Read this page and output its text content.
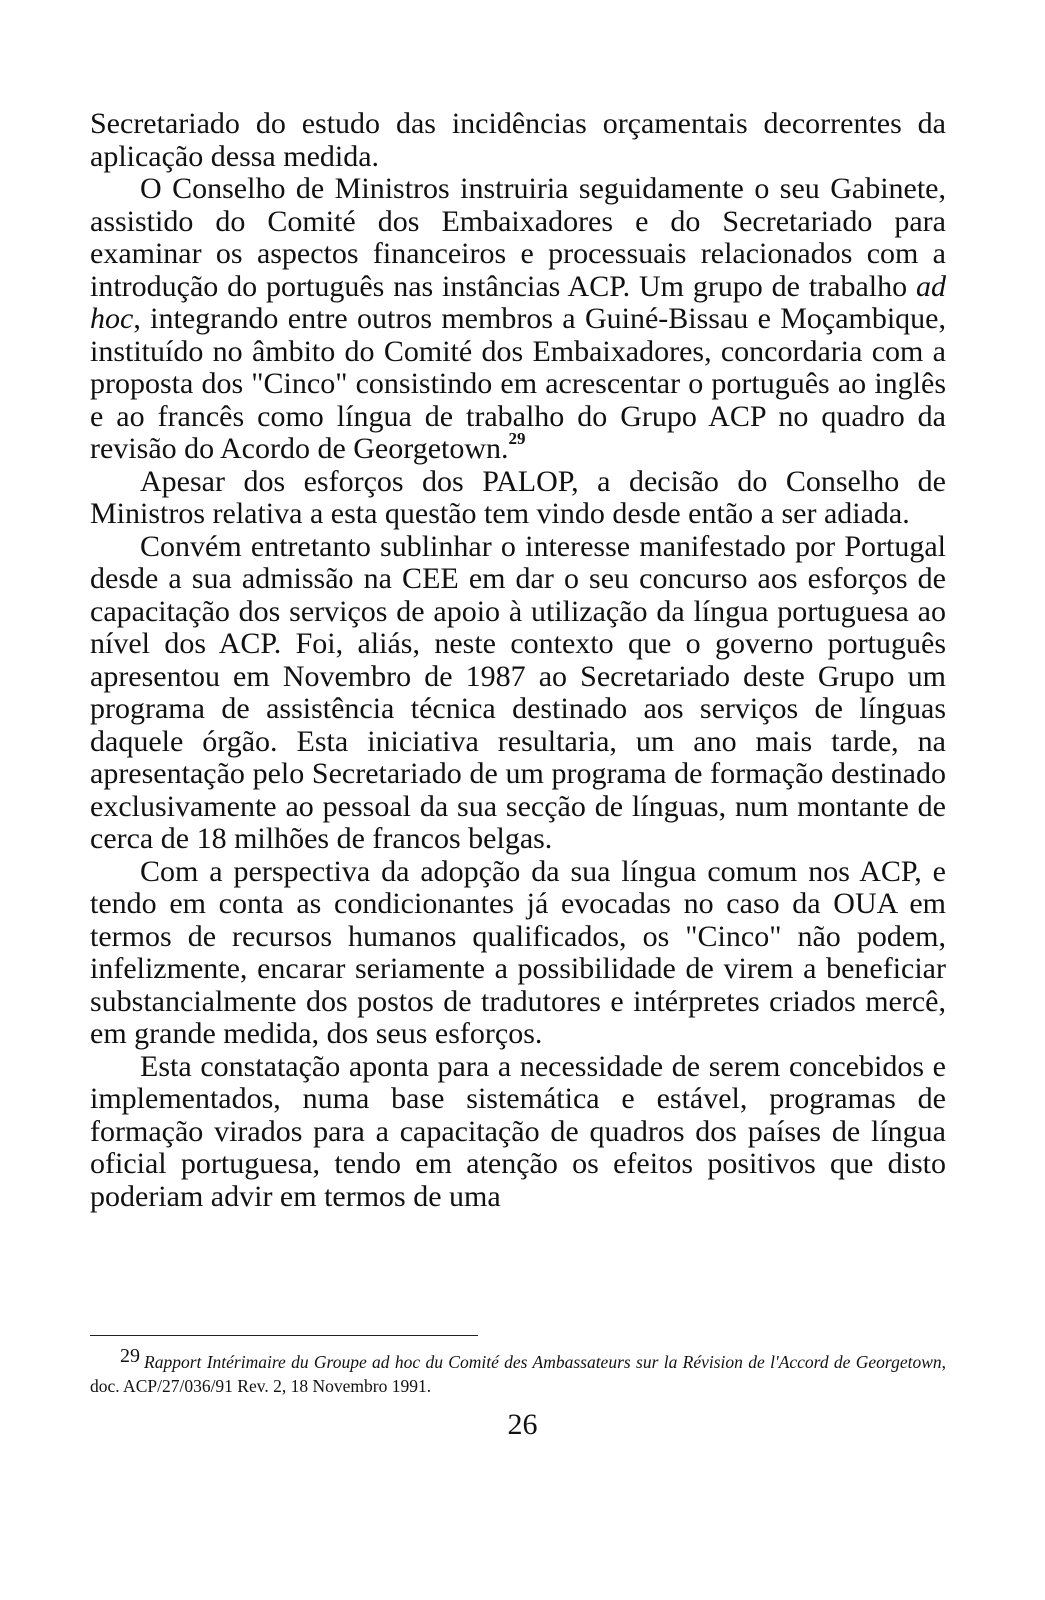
Secretariado do estudo das incidências orçamentais decorrentes da aplicação dessa medida.

O Conselho de Ministros instruiria seguidamente o seu Gabinete, assistido do Comité dos Embaixadores e do Secretariado para examinar os aspectos financeiros e processuais relacionados com a introdução do português nas instâncias ACP. Um grupo de trabalho ad hoc, integrando entre outros membros a Guiné-Bissau e Moçambique, instituído no âmbito do Comité dos Embaixadores, concordaria com a proposta dos "Cinco" consistindo em acrescentar o português ao inglês e ao francês como língua de trabalho do Grupo ACP no quadro da revisão do Acordo de Georgetown.$^{29}$

Apesar dos esforços dos PALOP, a decisão do Conselho de Ministros relativa a esta questão tem vindo desde então a ser adiada.

Convém entretanto sublinhar o interesse manifestado por Portugal desde a sua admissão na CEE em dar o seu concurso aos esforços de capacitação dos serviços de apoio à utilização da língua portuguesa ao nível dos ACP. Foi, aliás, neste contexto que o governo português apresentou em Novembro de 1987 ao Secretariado deste Grupo um programa de assistência técnica destinado aos serviços de línguas daquele órgão. Esta iniciativa resultaria, um ano mais tarde, na apresentação pelo Secretariado de um programa de formação destinado exclusivamente ao pessoal da sua secção de línguas, num montante de cerca de 18 milhões de francos belgas.

Com a perspectiva da adopção da sua língua comum nos ACP, e tendo em conta as condicionantes já evocadas no caso da OUA em termos de recursos humanos qualificados, os "Cinco" não podem, infelizmente, encarar seriamente a possibilidade de virem a beneficiar substancialmente dos postos de tradutores e intérpretes criados mercê, em grande medida, dos seus esforços.

Esta constatação aponta para a necessidade de serem concebidos e implementados, numa base sistemática e estável, programas de formação virados para a capacitação de quadros dos países de língua oficial portuguesa, tendo em atenção os efeitos positivos que disto poderiam advir em termos de uma

29 Rapport Intérimaire du Groupe ad hoc du Comité des Ambassateurs sur la Révision de l'Accord de Georgetown, doc. ACP/27/036/91 Rev. 2, 18 Novembro 1991.
26
